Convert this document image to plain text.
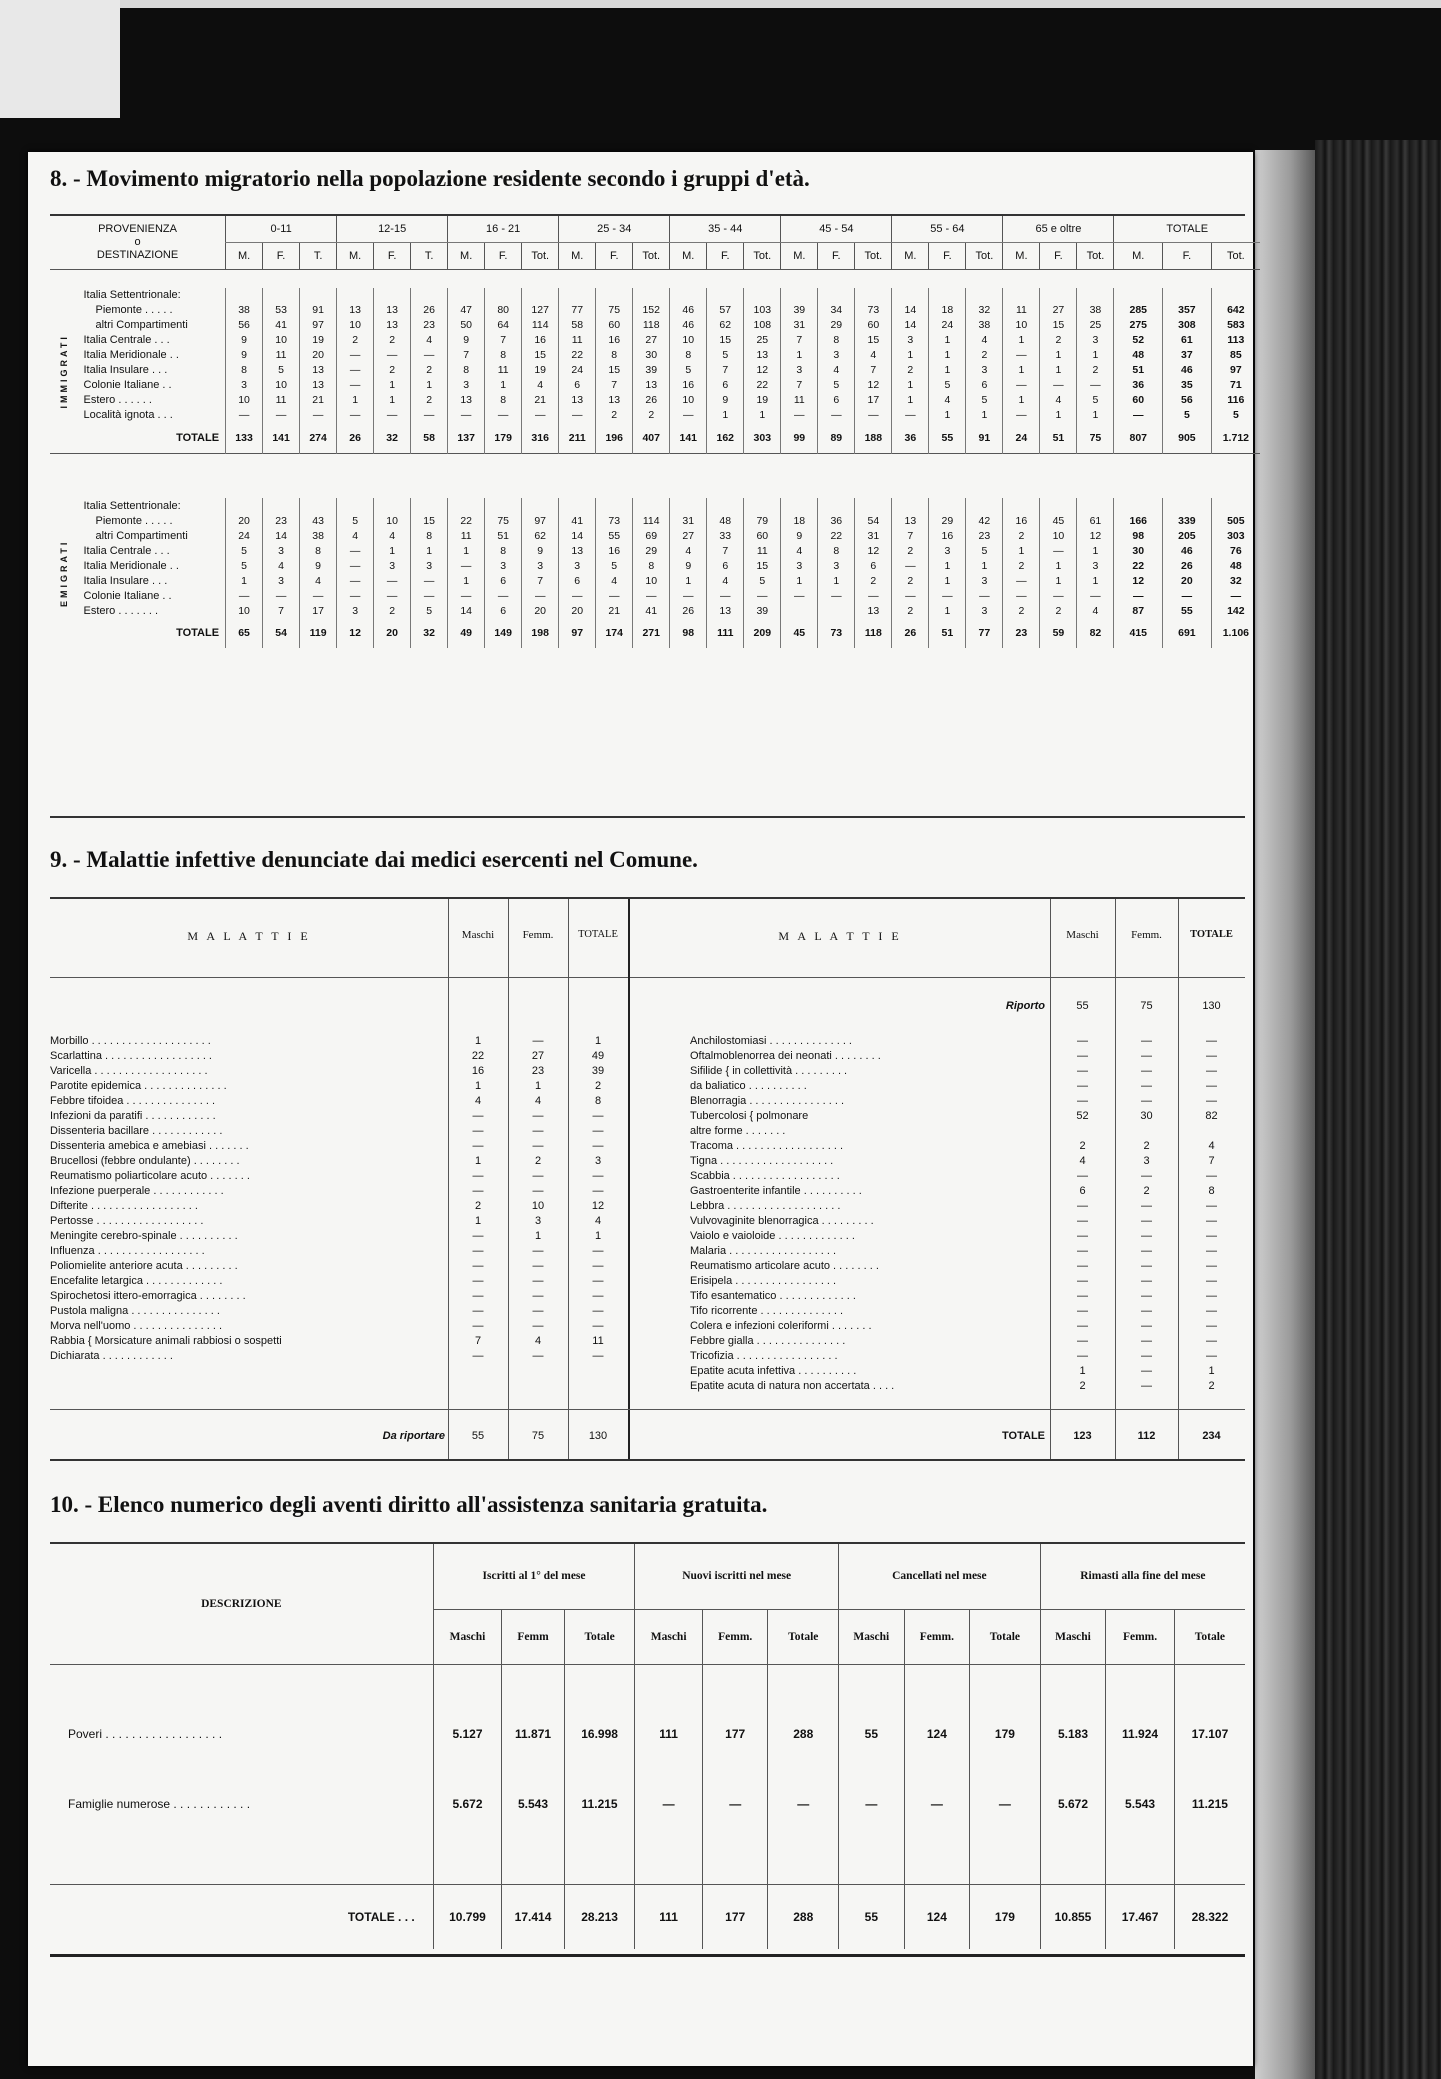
8. - Movimento migratorio nella popolazione residente secondo i gruppi d'età.
PROVENIENZA
o
DESTINAZIONE		0-11			12-15			16 - 21			25 - 34			35 - 44			45 - 54			55 - 64			65 e oltre			TOTALE		
		M.	F.	T.	M.	F.	T.	M.	F.	Tot.	M.	F.	Tot.	M.	F.	Tot.	M.	F.	Tot.	M.	F.	Tot.	M.	F.	Tot.	M.	F.	Tot.

IMMIGRATI	Italia Settentrionale:																											
	Piemonte . . . . .	38	53	91	13	13	26	47	80	127	77	75	152	46	57	103	39	34	73	14	18	32	11	27	38	285	357	642
	altri Compartimenti	56	41	97	10	13	23	50	64	114	58	60	118	46	62	108	31	29	60	14	24	38	10	15	25	275	308	583
	Italia Centrale . . .	9	10	19	2	2	4	9	7	16	11	16	27	10	15	25	7	8	15	3	1	4	1	2	3	52	61	113
	Italia Meridionale . .	9	11	20	—	—	—	7	8	15	22	8	30	8	5	13	1	3	4	1	1	2	—	1	1	48	37	85
	Italia Insulare . . .	8	5	13	—	2	2	8	11	19	24	15	39	5	7	12	3	4	7	2	1	3	1	1	2	51	46	97
	Colonie Italiane . .	3	10	13	—	1	1	3	1	4	6	7	13	16	6	22	7	5	12	1	5	6	—	—	—	36	35	71
	Estero . . . . . .	10	11	21	1	1	2	13	8	21	13	13	26	10	9	19	11	6	17	1	4	5	1	4	5	60	56	116
	Località ignota . . .	—	—	—	—	—	—	—	—	—	—	2	2	—	1	1	—	—	—	—	1	1	—	1	1	—	5	5
	TOTALE	133	141	274	26	32	58	137	179	316	211	196	407	141	162	303	99	89	188	36	55	91	24	51	75	807	905	1.712

EMIGRATI	Italia Settentrionale:																											
	Piemonte . . . . .	20	23	43	5	10	15	22	75	97	41	73	114	31	48	79	18	36	54	13	29	42	16	45	61	166	339	505
	altri Compartimenti	24	14	38	4	4	8	11	51	62	14	55	69	27	33	60	9	22	31	7	16	23	2	10	12	98	205	303
	Italia Centrale . . .	5	3	8	—	1	1	1	8	9	13	16	29	4	7	11	4	8	12	2	3	5	1	—	1	30	46	76
	Italia Meridionale . .	5	4	9	—	3	3	—	3	3	3	5	8	9	6	15	3	3	6	—	1	1	2	1	3	22	26	48
	Italia Insulare . . .	1	3	4	—	—	—	1	6	7	6	4	10	1	4	5	1	1	2	2	1	3	—	1	1	12	20	32
	Colonie Italiane . .	—	—	—	—	—	—	—	—	—	—	—	—	—	—	—	—	—	—	—	—	—	—	—	—	—	—	—
	Estero . . . . . . .	10	7	17	3	2	5	14	6	20	20	21	41	26	13	39			13	2	1	3	2	2	4	87	55	142
	TOTALE	65	54	119	12	20	32	49	149	198	97	174	271	98	111	209	45	73	118	26	51	77	23	59	82	415	691	1.106
9. - Malattie infettive denunciate dai medici esercenti nel Comune.
M A L A T T I E	Maschi	Femm.	TOTALE	M A L A T T I E	Maschi	Femm.	TOTALE
Morbillo . . . . . . . . . . . . . . . . . . . .	1	—	1
Scarlattina . . . . . . . . . . . . . . . . . .	22	27	49
Varicella . . . . . . . . . . . . . . . . . . .	16	23	39
Parotite epidemica . . . . . . . . . . . . . .	1	1	2
Febbre tifoidea . . . . . . . . . . . . . . .	4	4	8
Infezioni da paratifi . . . . . . . . . . . .	—	—	—
Dissenteria bacillare . . . . . . . . . . . .	—	—	—
Dissenteria amebica e amebiasi . . . . . . .	—	—	—
Brucellosi (febbre ondulante) . . . . . . . .	1	2	3
Reumatismo poliarticolare acuto . . . . . . .	—	—	—
Infezione puerperale . . . . . . . . . . . .	—	—	—
Difterite . . . . . . . . . . . . . . . . . .	2	10	12
Pertosse . . . . . . . . . . . . . . . . . .	1	3	4
Meningite cerebro-spinale . . . . . . . . . .	—	1	1
Influenza . . . . . . . . . . . . . . . . . .	—	—	—
Poliomielite anteriore acuta . . . . . . . . .	—	—	—
Encefalite letargica . . . . . . . . . . . . .	—	—	—
Spirochetosi ittero-emorragica . . . . . . . .	—	—	—
Pustola maligna . . . . . . . . . . . . . . .	—	—	—
Morva nell'uomo . . . . . . . . . . . . . . .	—	—	—
Rabbia { Morsicature animali rabbiosi o sospetti	7	4	11
Dichiarata . . . . . . . . . . . .	—	—	—
Riporto	55	75	130
Anchilostomiasi . . . . . . . . . . . . . .	—	—	—
Oftalmoblenorrea dei neonati . . . . . . . .	—	—	—
Sifilide { in collettività . . . . . . . . .	—	—	—
da baliatico . . . . . . . . . .	—	—	—
Blenorragia . . . . . . . . . . . . . . . .	—	—	—
Tubercolosi { polmonare	52	30	82
altre forme . . . . . . .
Tracoma . . . . . . . . . . . . . . . . . .	2	2	4
Tigna . . . . . . . . . . . . . . . . . . .	4	3	7
Scabbia . . . . . . . . . . . . . . . . . .	—	—	—
Gastroenterite infantile . . . . . . . . . .	6	2	8
Lebbra . . . . . . . . . . . . . . . . . . .	—	—	—
Vulvovaginite blenorragica . . . . . . . . .	—	—	—
Vaiolo e vaioloide . . . . . . . . . . . . .	—	—	—
Malaria . . . . . . . . . . . . . . . . . .	—	—	—
Reumatismo articolare acuto . . . . . . . .	—	—	—
Erisipela . . . . . . . . . . . . . . . . .	—	—	—
Tifo esantematico . . . . . . . . . . . . .	—	—	—
Tifo ricorrente . . . . . . . . . . . . . .	—	—	—
Colera e infezioni coleriformi . . . . . . .	—	—	—
Febbre gialla . . . . . . . . . . . . . . .	—	—	—
Tricofizia . . . . . . . . . . . . . . . . .	—	—	—
Epatite acuta infettiva . . . . . . . . . .	1	—	1
Epatite acuta di natura non accertata . . . .	2	—	2
Da riportare	55	75	130	TOTALE	123	112	234
10. - Elenco numerico degli aventi diritto all'assistenza sanitaria gratuita.
DESCRIZIONE	Iscritti al 1° del mese			Nuovi iscritti nel mese			Cancellati nel mese			Rimasti alla fine del mese		
	Maschi	Femm	Totale	Maschi	Femm.	Totale	Maschi	Femm.	Totale	Maschi	Femm.	Totale

Poveri . . . . . . . . . . . . . . . . . .	5.127	11.871	16.998	111	177	288	55	124	179	5.183	11.924	17.107
Famiglie numerose . . . . . . . . . . . .	5.672	5.543	11.215	—	—	—	—	—	—	5.672	5.543	11.215

TOTALE . . .	10.799	17.414	28.213	111	177	288	55	124	179	10.855	17.467	28.322
